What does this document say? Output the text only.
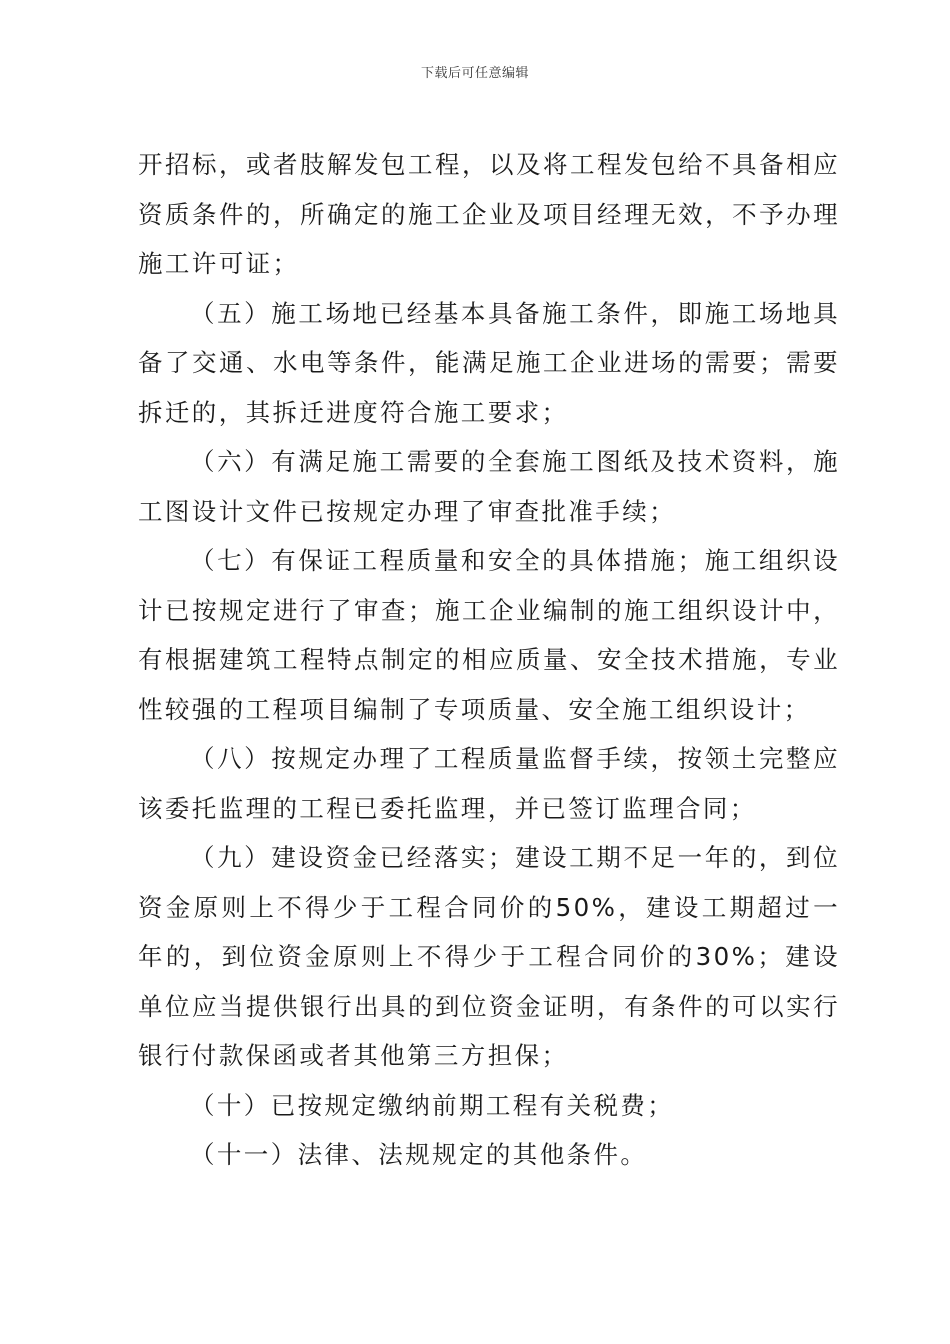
下载后可任意编辑

开招标，或者肢解发包工程，以及将工程发包给不具备相应资质条件的，所确定的施工企业及项目经理无效，不予办理施工许可证；

（五）施工场地已经基本具备施工条件，即施工场地具备了交通、水电等条件，能满足施工企业进场的需要；需要拆迁的，其拆迁进度符合施工要求；

（六）有满足施工需要的全套施工图纸及技术资料，施工图设计文件已按规定办理了审查批准手续；

（七）有保证工程质量和安全的具体措施；施工组织设计已按规定进行了审查；施工企业编制的施工组织设计中，有根据建筑工程特点制定的相应质量、安全技术措施，专业性较强的工程项目编制了专项质量、安全施工组织设计；

（八）按规定办理了工程质量监督手续，按领土完整应该委托监理的工程已委托监理，并已签订监理合同；

（九）建设资金已经落实；建设工期不足一年的，到位资金原则上不得少于工程合同价的50%，建设工期超过一年的，到位资金原则上不得少于工程合同价的30%；建设单位应当提供银行出具的到位资金证明，有条件的可以实行银行付款保函或者其他第三方担保；

（十）已按规定缴纳前期工程有关税费；

（十一）法律、法规规定的其他条件。
